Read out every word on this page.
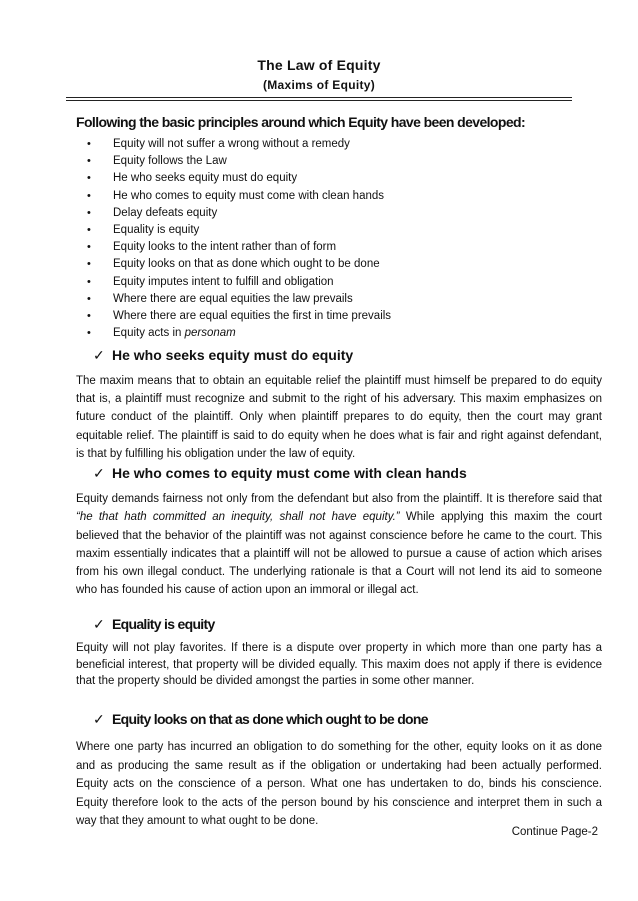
The Law of Equity
(Maxims of Equity)
Following the basic principles around which Equity have been developed:
• Equity will not suffer a wrong without a remedy
• Equity follows the Law
• He who seeks equity must do equity
• He who comes to equity must come with clean hands
• Delay defeats equity
• Equality is equity
• Equity looks to the intent rather than of form
• Equity looks on that as done which ought to be done
• Equity imputes intent to fulfill and obligation
• Where there are equal equities the law prevails
• Where there are equal equities the first in time prevails
• Equity acts in personam
✓ He who seeks equity must do equity

The maxim means that to obtain an equitable relief the plaintiff must himself be prepared to do equity that is, a plaintiff must recognize and submit to the right of his adversary. This maxim emphasizes on future conduct of the plaintiff. Only when plaintiff prepares to do equity, then the court may grant equitable relief. The plaintiff is said to do equity when he does what is fair and right against defendant, is that by fulfilling his obligation under the law of equity.

✓ He who comes to equity must come with clean hands

Equity demands fairness not only from the defendant but also from the plaintiff. It is therefore said that “he that hath committed an inequity, shall not have equity.” While applying this maxim the court believed that the behavior of the plaintiff was not against conscience before he came to the court. This maxim essentially indicates that a plaintiff will not be allowed to pursue a cause of action which arises from his own illegal conduct. The underlying rationale is that a Court will not lend its aid to someone who has founded his cause of action upon an immoral or illegal act.

✓ Equality is equity

Equity will not play favorites. If there is a dispute over property in which more than one party has a beneficial interest, that property will be divided equally. This maxim does not apply if there is evidence that the property should be divided amongst the parties in some other manner.

✓ Equity looks on that as done which ought to be done

Where one party has incurred an obligation to do something for the other, equity looks on it as done and as producing the same result as if the obligation or undertaking had been actually performed. Equity acts on the conscience of a person. What one has undertaken to do, binds his conscience. Equity therefore look to the acts of the person bound by his conscience and interpret them in such a way that they amount to what ought to be done.

Continue Page-2
